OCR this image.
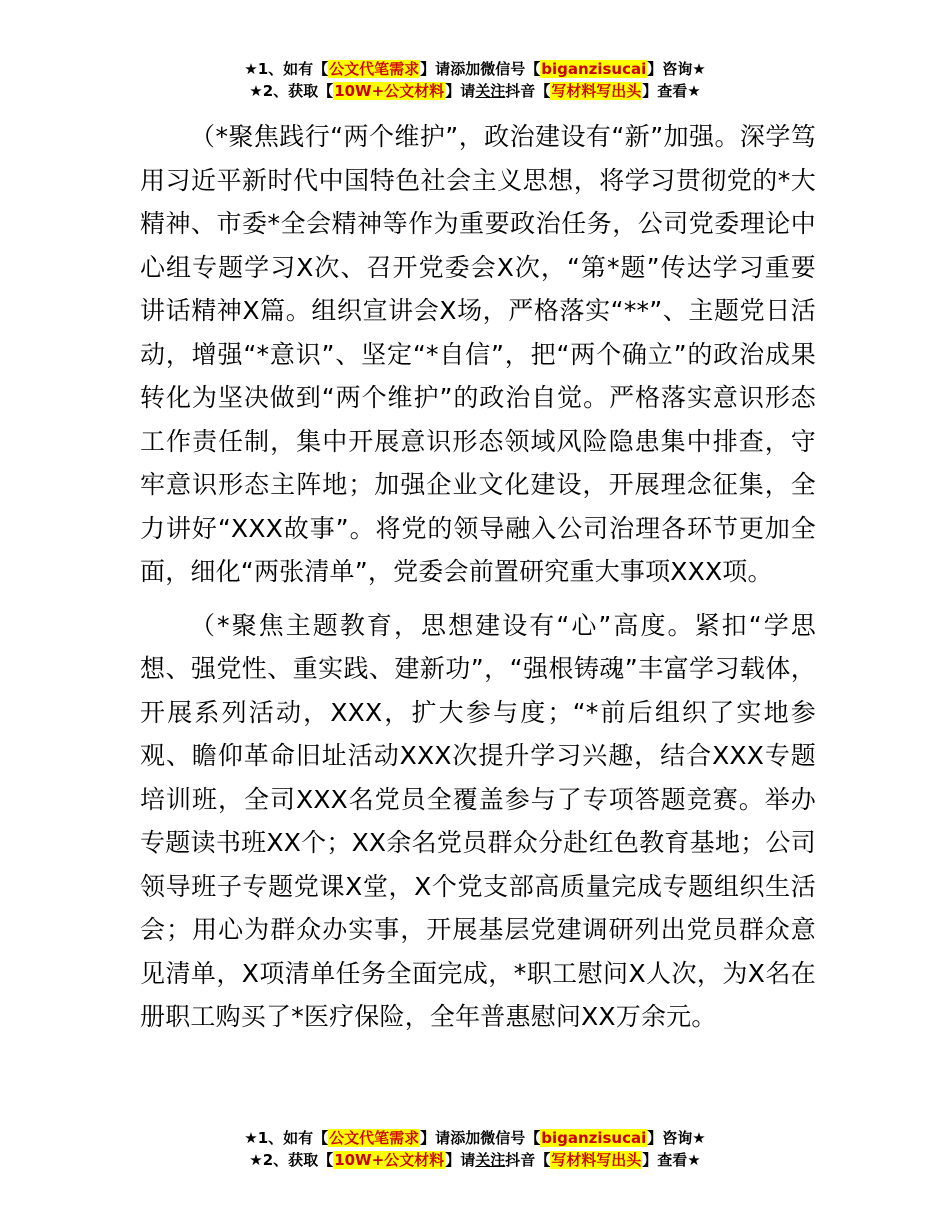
★1、如有【公文代笔需求】请添加微信号【biganzisucai】咨询★
★2、获取【10W+公文材料】请关注抖音【写材料写出头】查看★

（*聚焦践行“两个维护”，政治建设有“新”加强。深学笃用习近平新时代中国特色社会主义思想，将学习贯彻党的*大精神、市委*全会精神等作为重要政治任务，公司党委理论中心组专题学习X次、召开党委会X次，“第*题”传达学习重要讲话精神X篇。组织宣讲会X场，严格落实“**”、主题党日活动，增强“*意识”、坚定“*自信”，把“两个确立”的政治成果转化为坚决做到“两个维护”的政治自觉。严格落实意识形态工作责任制，集中开展意识形态领域风险隐患集中排查，守牢意识形态主阵地；加强企业文化建设，开展理念征集，全力讲好“XXX故事”。将党的领导融入公司治理各环节更加全面，细化“两张清单”，党委会前置研究重大事项XXX项。

（*聚焦主题教育，思想建设有“心”高度。紧扣“学思想、强党性、重实践、建新功”，“强根铸魂”丰富学习载体，开展系列活动，XXX，扩大参与度；“*前后组织了实地参观、瞻仰革命旧址活动XXX次提升学习兴趣，结合XXX专题培训班，全司XXX名党员全覆盖参与了专项答题竞赛。举办专题读书班XX个；XX余名党员群众分赴红色教育基地；公司领导班子专题党课X堂，X个党支部高质量完成专题组织生活会；用心为群众办实事，开展基层党建调研列出党员群众意见清单，X项清单任务全面完成，*职工慰问X人次，为X名在册职工购买了*医疗保险，全年普惠慰问XX万余元。

★1、如有【公文代笔需求】请添加微信号【biganzisucai】咨询★
★2、获取【10W+公文材料】请关注抖音【写材料写出头】查看★
